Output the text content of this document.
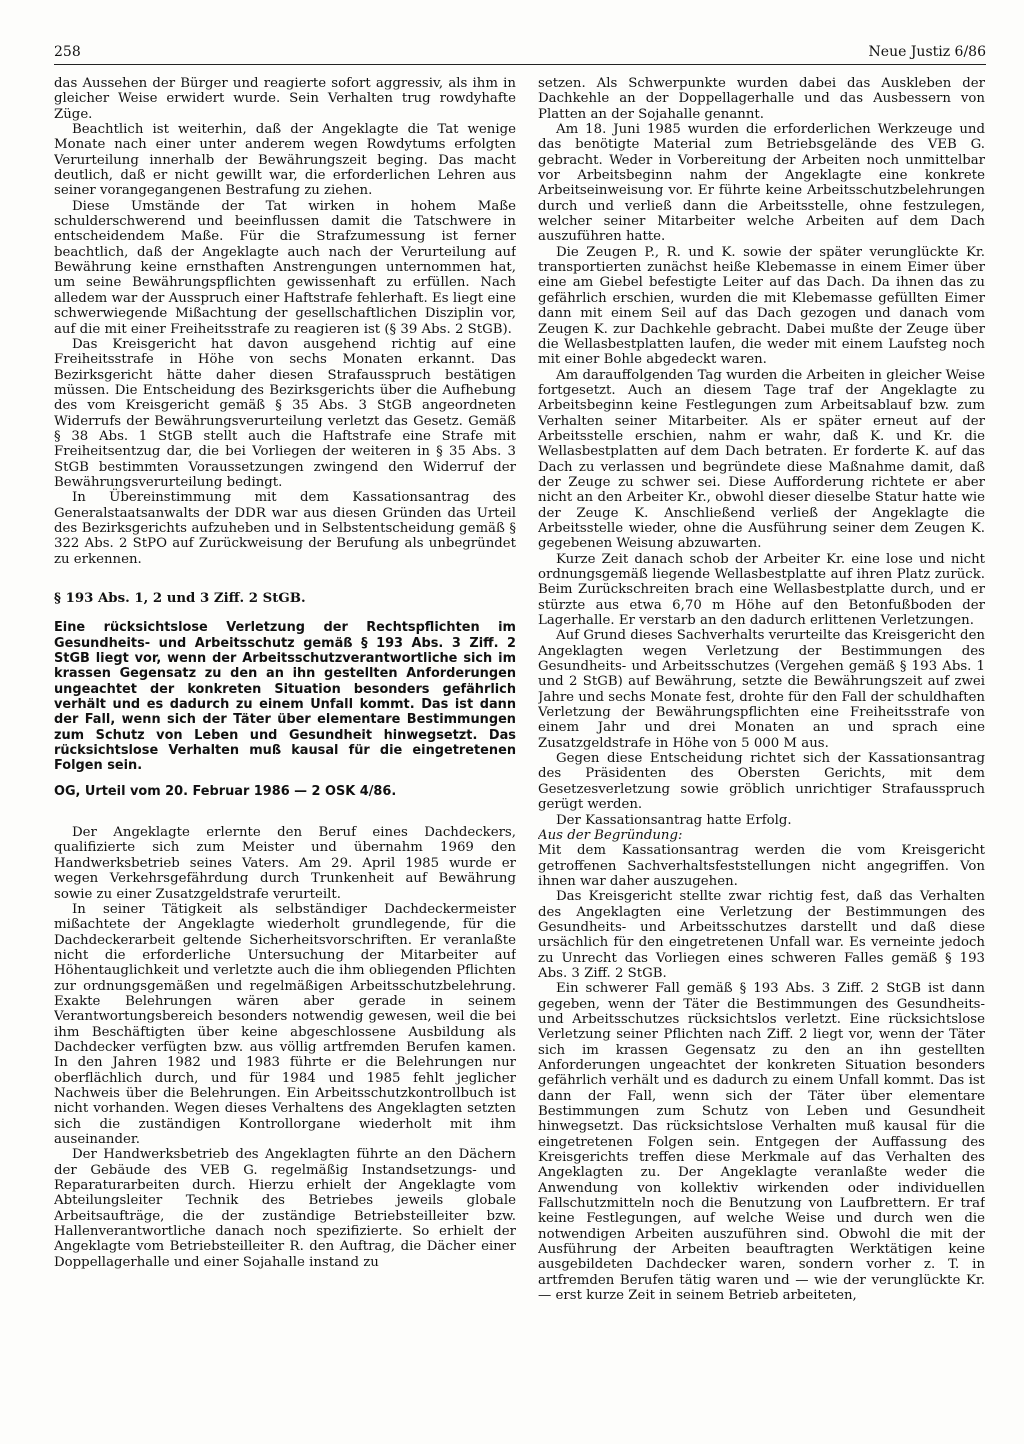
258	Neue Justiz 6/86

das Aussehen der Bürger und reagierte sofort aggressiv, als ihm in gleicher Weise erwidert wurde. Sein Verhalten trug rowdyhafte Züge.

Beachtlich ist weiterhin, daß der Angeklagte die Tat wenige Monate nach einer unter anderem wegen Rowdytums erfolgten Verurteilung innerhalb der Bewährungszeit beging. Das macht deutlich, daß er nicht gewillt war, die erforderlichen Lehren aus seiner vorangegangenen Bestrafung zu ziehen.

Diese Umstände der Tat wirken in hohem Maße schulderschwerend und beeinflussen damit die Tatschwere in entscheidendem Maße. Für die Strafzumessung ist ferner beachtlich, daß der Angeklagte auch nach der Verurteilung auf Bewährung keine ernsthaften Anstrengungen unternommen hat, um seine Bewährungspflichten gewissenhaft zu erfüllen. Nach alledem war der Ausspruch einer Haftstrafe fehlerhaft. Es liegt eine schwerwiegende Mißachtung der gesellschaftlichen Disziplin vor, auf die mit einer Freiheitsstrafe zu reagieren ist (§ 39 Abs. 2 StGB).

Das Kreisgericht hat davon ausgehend richtig auf eine Freiheitsstrafe in Höhe von sechs Monaten erkannt. Das Bezirksgericht hätte daher diesen Strafausspruch bestätigen müssen. Die Entscheidung des Bezirksgerichts über die Aufhebung des vom Kreisgericht gemäß § 35 Abs. 3 StGB angeordneten Widerrufs der Bewährungsverurteilung verletzt das Gesetz. Gemäß § 38 Abs. 1 StGB stellt auch die Haftstrafe eine Strafe mit Freiheitsentzug dar, die bei Vorliegen der weiteren in § 35 Abs. 3 StGB bestimmten Voraussetzungen zwingend den Widerruf der Bewährungsverurteilung bedingt.

In Übereinstimmung mit dem Kassationsantrag des Generalstaatsanwalts der DDR war aus diesen Gründen das Urteil des Bezirksgerichts aufzuheben und in Selbstentscheidung gemäß § 322 Abs. 2 StPO auf Zurückweisung der Berufung als unbegründet zu erkennen.

§ 193 Abs. 1, 2 und 3 Ziff. 2 StGB.

Eine rücksichtslose Verletzung der Rechtspflichten im Gesundheits- und Arbeitsschutz gemäß § 193 Abs. 3 Ziff. 2 StGB liegt vor, wenn der Arbeitsschutzverantwortliche sich im krassen Gegensatz zu den an ihn gestellten Anforderungen ungeachtet der konkreten Situation besonders gefährlich verhält und es dadurch zu einem Unfall kommt. Das ist dann der Fall, wenn sich der Täter über elementare Bestimmungen zum Schutz von Leben und Gesundheit hinwegsetzt. Das rücksichtslose Verhalten muß kausal für die eingetretenen Folgen sein.

OG, Urteil vom 20. Februar 1986 — 2 OSK 4/86.

Der Angeklagte erlernte den Beruf eines Dachdeckers, qualifizierte sich zum Meister und übernahm 1969 den Handwerksbetrieb seines Vaters. Am 29. April 1985 wurde er wegen Verkehrsgefährdung durch Trunkenheit auf Bewährung sowie zu einer Zusatzgeldstrafe verurteilt.

In seiner Tätigkeit als selbständiger Dachdeckermeister mißachtete der Angeklagte wiederholt grundlegende, für die Dachdeckerarbeit geltende Sicherheitsvorschriften. Er veranlaßte nicht die erforderliche Untersuchung der Mitarbeiter auf Höhentauglichkeit und verletzte auch die ihm obliegenden Pflichten zur ordnungsgemäßen und regelmäßigen Arbeitsschutzbelehrung. Exakte Belehrungen wären aber gerade in seinem Verantwortungsbereich besonders notwendig gewesen, weil die bei ihm Beschäftigten über keine abgeschlossene Ausbildung als Dachdecker verfügten bzw. aus völlig artfremden Berufen kamen. In den Jahren 1982 und 1983 führte er die Belehrungen nur oberflächlich durch, und für 1984 und 1985 fehlt jeglicher Nachweis über die Belehrungen. Ein Arbeitsschutzkontrollbuch ist nicht vorhanden. Wegen dieses Verhaltens des Angeklagten setzten sich die zuständigen Kontrollorgane wiederholt mit ihm auseinander.

Der Handwerksbetrieb des Angeklagten führte an den Dächern der Gebäude des VEB G. regelmäßig Instandsetzungs- und Reparaturarbeiten durch. Hierzu erhielt der Angeklagte vom Abteilungsleiter Technik des Betriebes jeweils globale Arbeitsaufträge, die der zuständige Betriebsteilleiter bzw. Hallenverantwortliche danach noch spezifizierte. So erhielt der Angeklagte vom Betriebsteilleiter R. den Auftrag, die Dächer einer Doppellagerhalle und einer Sojahalle instand zu

setzen. Als Schwerpunkte wurden dabei das Auskleben der Dachkehle an der Doppellagerhalle und das Ausbessern von Platten an der Sojahalle genannt.

Am 18. Juni 1985 wurden die erforderlichen Werkzeuge und das benötigte Material zum Betriebsgelände des VEB G. gebracht. Weder in Vorbereitung der Arbeiten noch unmittelbar vor Arbeitsbeginn nahm der Angeklagte eine konkrete Arbeitseinweisung vor. Er führte keine Arbeitsschutzbelehrungen durch und verließ dann die Arbeitsstelle, ohne festzulegen, welcher seiner Mitarbeiter welche Arbeiten auf dem Dach auszuführen hatte.

Die Zeugen P., R. und K. sowie der später verunglückte Kr. transportierten zunächst heiße Klebemasse in einem Eimer über eine am Giebel befestigte Leiter auf das Dach. Da ihnen das zu gefährlich erschien, wurden die mit Klebemasse gefüllten Eimer dann mit einem Seil auf das Dach gezogen und danach vom Zeugen K. zur Dachkehle gebracht. Dabei mußte der Zeuge über die Wellasbestplatten laufen, die weder mit einem Laufsteg noch mit einer Bohle abgedeckt waren.

Am darauffolgenden Tag wurden die Arbeiten in gleicher Weise fortgesetzt. Auch an diesem Tage traf der Angeklagte zu Arbeitsbeginn keine Festlegungen zum Arbeitsablauf bzw. zum Verhalten seiner Mitarbeiter. Als er später erneut auf der Arbeitsstelle erschien, nahm er wahr, daß K. und Kr. die Wellasbestplatten auf dem Dach betraten. Er forderte K. auf das Dach zu verlassen und begründete diese Maßnahme damit, daß der Zeuge zu schwer sei. Diese Aufforderung richtete er aber nicht an den Arbeiter Kr., obwohl dieser dieselbe Statur hatte wie der Zeuge K. Anschließend verließ der Angeklagte die Arbeitsstelle wieder, ohne die Ausführung seiner dem Zeugen K. gegebenen Weisung abzuwarten.

Kurze Zeit danach schob der Arbeiter Kr. eine lose und nicht ordnungsgemäß liegende Wellasbestplatte auf ihren Platz zurück. Beim Zurückschreiten brach eine Wellasbestplatte durch, und er stürzte aus etwa 6,70 m Höhe auf den Betonfußboden der Lagerhalle. Er verstarb an den dadurch erlittenen Verletzungen.

Auf Grund dieses Sachverhalts verurteilte das Kreisgericht den Angeklagten wegen Verletzung der Bestimmungen des Gesundheits- und Arbeitsschutzes (Vergehen gemäß § 193 Abs. 1 und 2 StGB) auf Bewährung, setzte die Bewährungszeit auf zwei Jahre und sechs Monate fest, drohte für den Fall der schuldhaften Verletzung der Bewährungspflichten eine Freiheitsstrafe von einem Jahr und drei Monaten an und sprach eine Zusatzgeldstrafe in Höhe von 5 000 M aus.

Gegen diese Entscheidung richtet sich der Kassationsantrag des Präsidenten des Obersten Gerichts, mit dem Gesetzesverletzung sowie gröblich unrichtiger Strafausspruch gerügt werden.

Der Kassationsantrag hatte Erfolg.

Aus der Begründung:

Mit dem Kassationsantrag werden die vom Kreisgericht getroffenen Sachverhaltsfeststellungen nicht angegriffen. Von ihnen war daher auszugehen.

Das Kreisgericht stellte zwar richtig fest, daß das Verhalten des Angeklagten eine Verletzung der Bestimmungen des Gesundheits- und Arbeitsschutzes darstellt und daß diese ursächlich für den eingetretenen Unfall war. Es verneinte jedoch zu Unrecht das Vorliegen eines schweren Falles gemäß § 193 Abs. 3 Ziff. 2 StGB.

Ein schwerer Fall gemäß § 193 Abs. 3 Ziff. 2 StGB ist dann gegeben, wenn der Täter die Bestimmungen des Gesundheits- und Arbeitsschutzes rücksichtslos verletzt. Eine rücksichtslose Verletzung seiner Pflichten nach Ziff. 2 liegt vor, wenn der Täter sich im krassen Gegensatz zu den an ihn gestellten Anforderungen ungeachtet der konkreten Situation besonders gefährlich verhält und es dadurch zu einem Unfall kommt. Das ist dann der Fall, wenn sich der Täter über elementare Bestimmungen zum Schutz von Leben und Gesundheit hinwegsetzt. Das rücksichtslose Verhalten muß kausal für die eingetretenen Folgen sein. Entgegen der Auffassung des Kreisgerichts treffen diese Merkmale auf das Verhalten des Angeklagten zu. Der Angeklagte veranlaßte weder die Anwendung von kollektiv wirkenden oder individuellen Fallschutzmitteln noch die Benutzung von Laufbrettern. Er traf keine Festlegungen, auf welche Weise und durch wen die notwendigen Arbeiten auszuführen sind. Obwohl die mit der Ausführung der Arbeiten beauftragten Werktätigen keine ausgebildeten Dachdecker waren, sondern vorher z. T. in artfremden Berufen tätig waren und — wie der verunglückte Kr. — erst kurze Zeit in seinem Betrieb arbeiteten,
